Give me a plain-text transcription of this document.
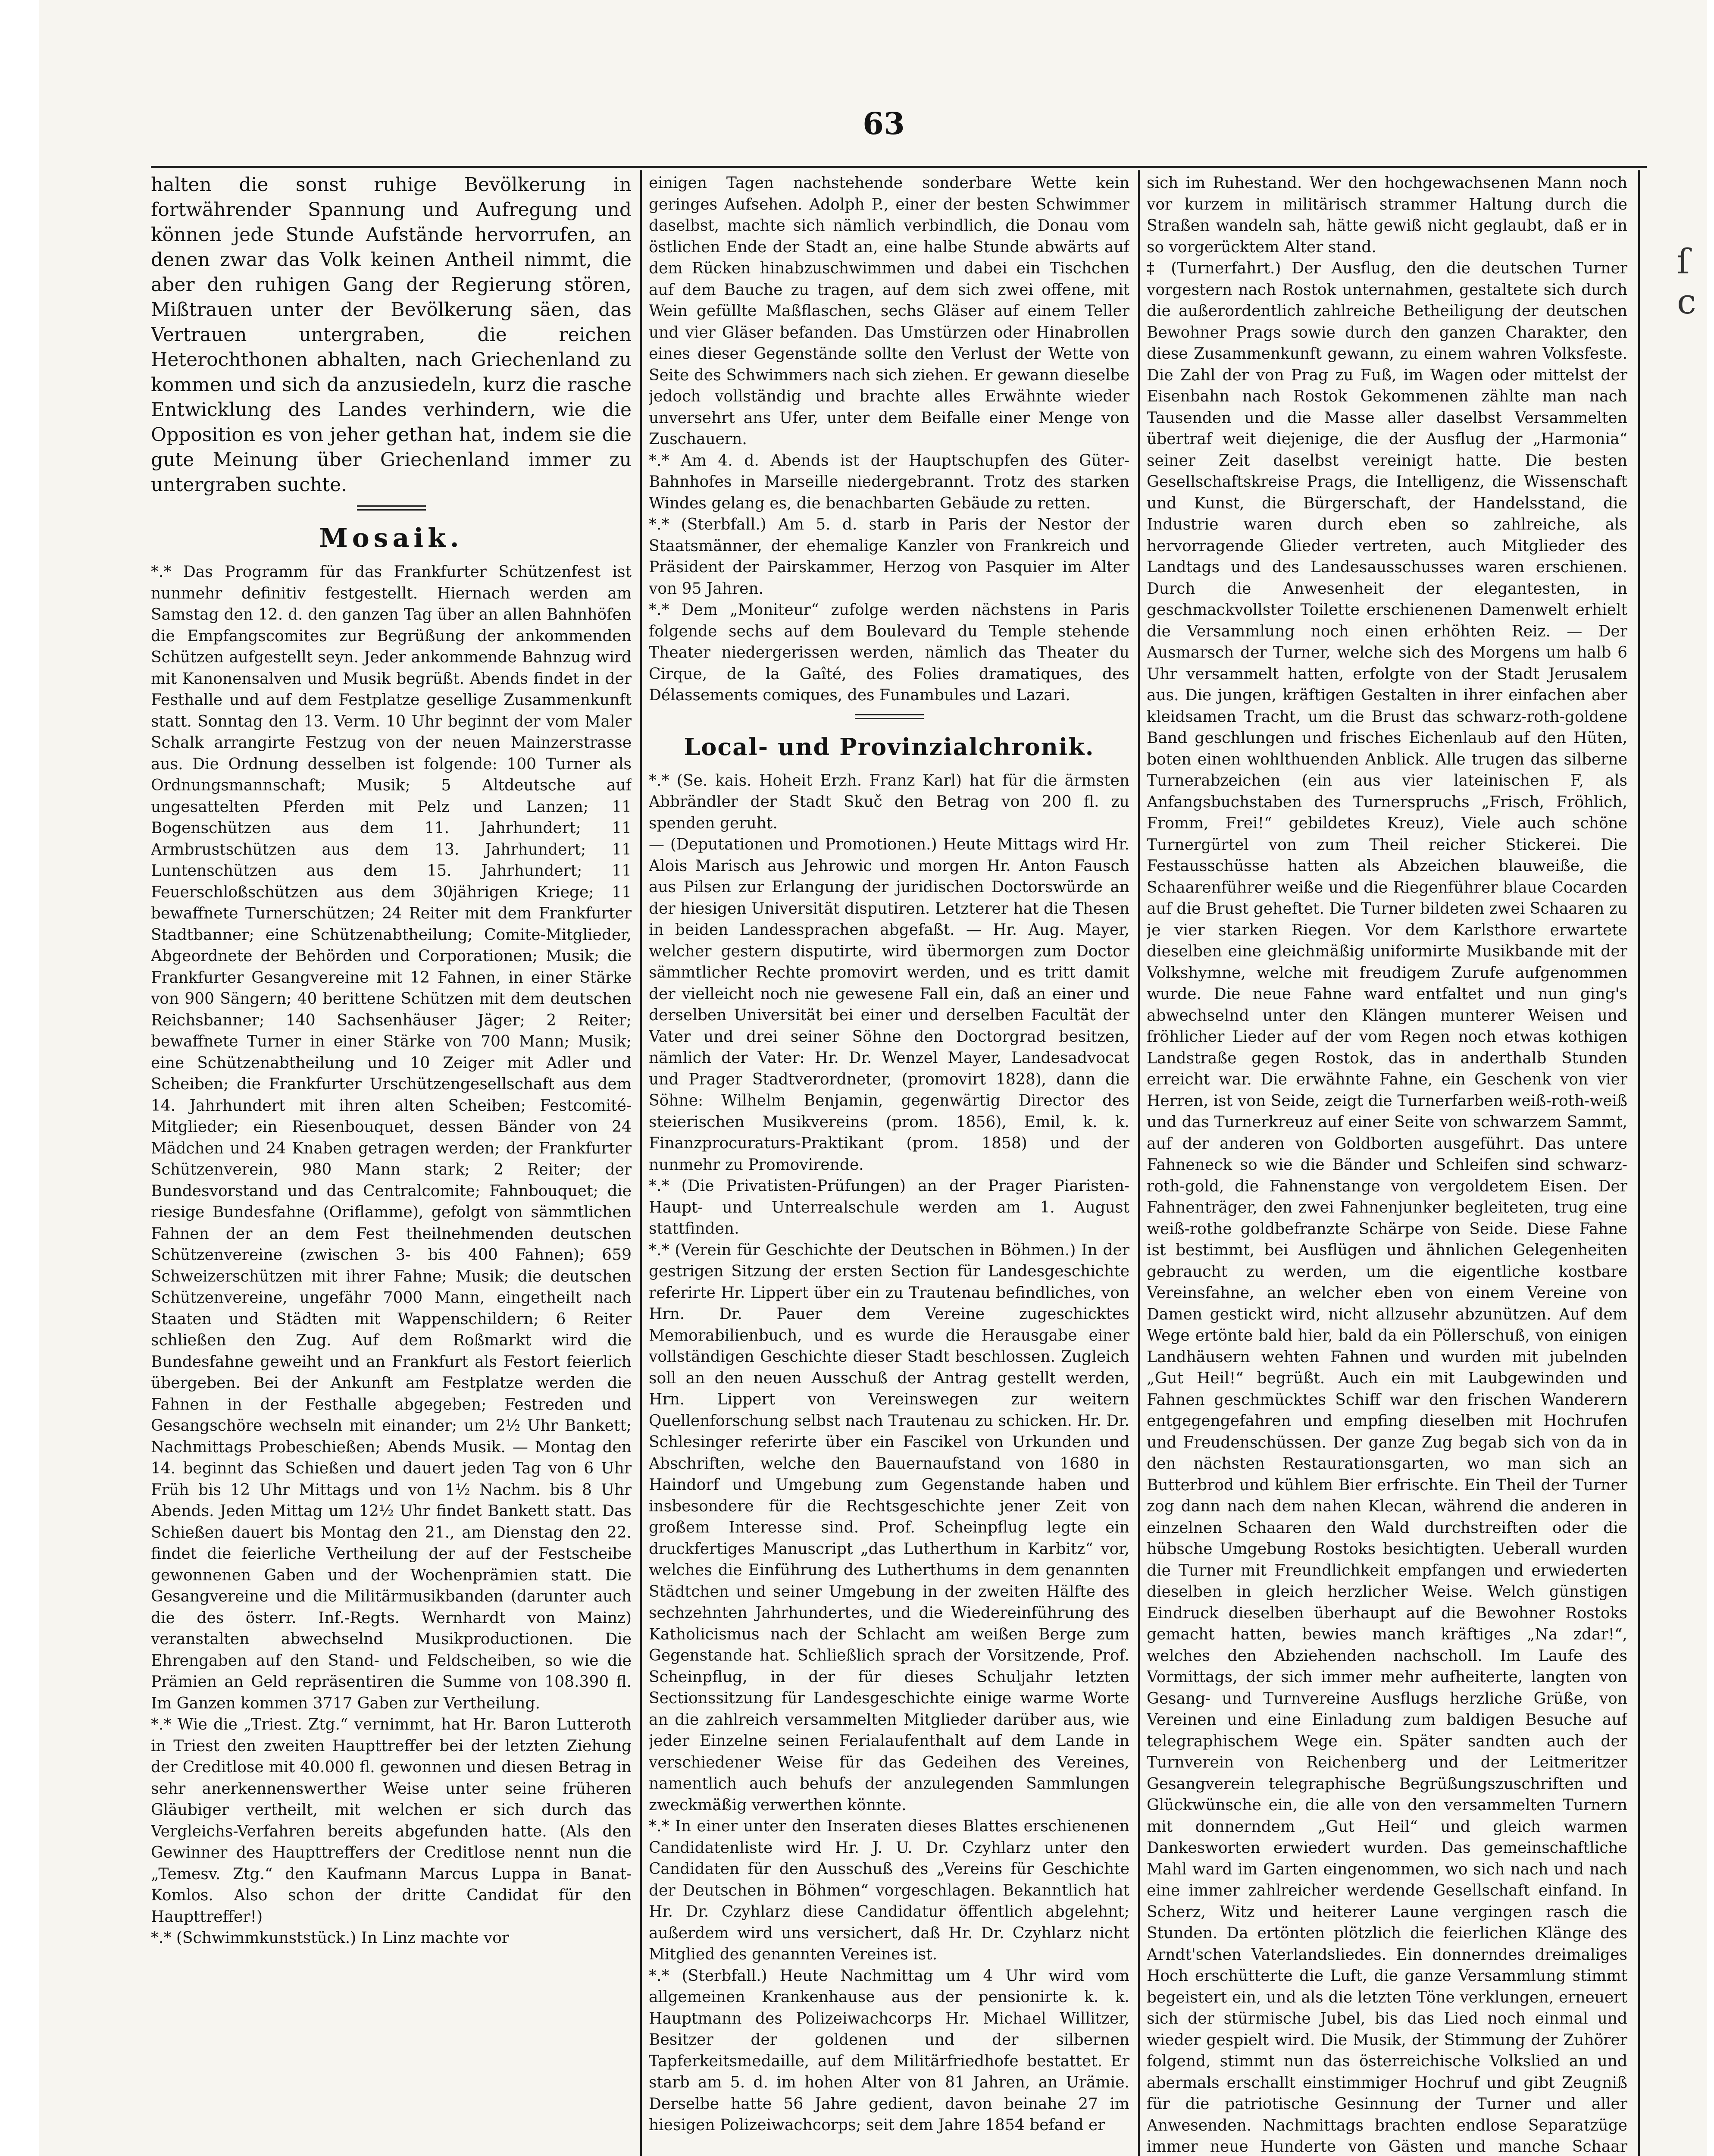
63

halten die sonst ruhige Bevölkerung in fortwährender Spannung und Aufregung und können jede Stunde Aufstände hervorrufen, an denen zwar das Volk keinen Antheil nimmt, die aber den ruhigen Gang der Regierung stören, Mißtrauen unter der Bevölkerung säen, das Vertrauen untergraben, die reichen Heterochthonen abhalten, nach Griechenland zu kommen und sich da anzusiedeln, kurz die rasche Entwicklung des Landes verhindern, wie die Opposition es von jeher gethan hat, indem sie die gute Meinung über Griechenland immer zu untergraben suchte.

Mosaik.

*.* Das Programm für das Frankfurter Schützenfest ist nunmehr definitiv festgestellt. Hiernach werden am Samstag den 12. d. den ganzen Tag über an allen Bahnhöfen die Empfangscomites zur Begrüßung der ankommenden Schützen aufgestellt seyn. Jeder ankommende Bahnzug wird mit Kanonensalven und Musik begrüßt. Abends findet in der Festhalle und auf dem Festplatze gesellige Zusammenkunft statt. Sonntag den 13. Verm. 10 Uhr beginnt der vom Maler Schalk arrangirte Festzug von der neuen Mainzerstrasse aus. Die Ordnung desselben ist folgende: 100 Turner als Ordnungsmannschaft; Musik; 5 Altdeutsche auf ungesattelten Pferden mit Pelz und Lanzen; 11 Bogenschützen aus dem 11. Jahrhundert; 11 Armbrustschützen aus dem 13. Jahrhundert; 11 Luntenschützen aus dem 15. Jahrhundert; 11 Feuerschloßschützen aus dem 30jährigen Kriege; 11 bewaffnete Turnerschützen; 24 Reiter mit dem Frankfurter Stadtbanner; eine Schützenabtheilung; Comite-Mitglieder, Abgeordnete der Behörden und Corporationen; Musik; die Frankfurter Gesangvereine mit 12 Fahnen, in einer Stärke von 900 Sängern; 40 berittene Schützen mit dem deutschen Reichsbanner; 140 Sachsenhäuser Jäger; 2 Reiter; bewaffnete Turner in einer Stärke von 700 Mann; Musik; eine Schützenabtheilung und 10 Zeiger mit Adler und Scheiben; die Frankfurter Urschützengesellschaft aus dem 14. Jahrhundert mit ihren alten Scheiben; Festcomité-Mitglieder; ein Riesenbouquet, dessen Bänder von 24 Mädchen und 24 Knaben getragen werden; der Frankfurter Schützenverein, 980 Mann stark; 2 Reiter; der Bundesvorstand und das Centralcomite; Fahnbouquet; die riesige Bundesfahne (Oriflamme), gefolgt von sämmtlichen Fahnen der an dem Fest theilnehmenden deutschen Schützenvereine (zwischen 3- bis 400 Fahnen); 659 Schweizerschützen mit ihrer Fahne; Musik; die deutschen Schützenvereine, ungefähr 7000 Mann, eingetheilt nach Staaten und Städten mit Wappenschildern; 6 Reiter schließen den Zug. Auf dem Roßmarkt wird die Bundesfahne geweiht und an Frankfurt als Festort feierlich übergeben. Bei der Ankunft am Festplatze werden die Fahnen in der Festhalle abgegeben; Festreden und Gesangschöre wechseln mit einander; um 2½ Uhr Bankett; Nachmittags Probeschießen; Abends Musik. — Montag den 14. beginnt das Schießen und dauert jeden Tag von 6 Uhr Früh bis 12 Uhr Mittags und von 1½ Nachm. bis 8 Uhr Abends. Jeden Mittag um 12½ Uhr findet Bankett statt. Das Schießen dauert bis Montag den 21., am Dienstag den 22. findet die feierliche Vertheilung der auf der Festscheibe gewonnenen Gaben und der Wochenprämien statt. Die Gesangvereine und die Militärmusikbanden (darunter auch die des österr. Inf.-Regts. Wernhardt von Mainz) veranstalten abwechselnd Musikproductionen. Die Ehrengaben auf den Stand- und Feldscheiben, so wie die Prämien an Geld repräsentiren die Summe von 108.390 fl. Im Ganzen kommen 3717 Gaben zur Vertheilung.

*.* Wie die „Triest. Ztg.“ vernimmt, hat Hr. Baron Lutteroth in Triest den zweiten Haupttreffer bei der letzten Ziehung der Creditlose mit 40.000 fl. gewonnen und diesen Betrag in sehr anerkennenswerther Weise unter seine früheren Gläubiger vertheilt, mit welchen er sich durch das Vergleichs-Verfahren bereits abgefunden hatte. (Als den Gewinner des Haupttreffers der Creditlose nennt nun die „Temesv. Ztg.“ den Kaufmann Marcus Luppa in Banat-Komlos. Also schon der dritte Candidat für den Haupttreffer!)

*.* (Schwimmkunststück.) In Linz machte vor

einigen Tagen nachstehende sonderbare Wette kein geringes Aufsehen. Adolph P., einer der besten Schwimmer daselbst, machte sich nämlich verbindlich, die Donau vom östlichen Ende der Stadt an, eine halbe Stunde abwärts auf dem Rücken hinabzuschwimmen und dabei ein Tischchen auf dem Bauche zu tragen, auf dem sich zwei offene, mit Wein gefüllte Maßflaschen, sechs Gläser auf einem Teller und vier Gläser befanden. Das Umstürzen oder Hinabrollen eines dieser Gegenstände sollte den Verlust der Wette von Seite des Schwimmers nach sich ziehen. Er gewann dieselbe jedoch vollständig und brachte alles Erwähnte wieder unversehrt ans Ufer, unter dem Beifalle einer Menge von Zuschauern.

*.* Am 4. d. Abends ist der Hauptschupfen des Güter-Bahnhofes in Marseille niedergebrannt. Trotz des starken Windes gelang es, die benachbarten Gebäude zu retten.

*.* (Sterbfall.) Am 5. d. starb in Paris der Nestor der Staatsmänner, der ehemalige Kanzler von Frankreich und Präsident der Pairskammer, Herzog von Pasquier im Alter von 95 Jahren.

*.* Dem „Moniteur“ zufolge werden nächstens in Paris folgende sechs auf dem Boulevard du Temple stehende Theater niedergerissen werden, nämlich das Theater du Cirque, de la Gaîté, des Folies dramatiques, des Délassements comiques, des Funambules und Lazari.

Local- und Provinzialchronik.

*.* (Se. kais. Hoheit Erzh. Franz Karl) hat für die ärmsten Abbrändler der Stadt Skuč den Betrag von 200 fl. zu spenden geruht.

— (Deputationen und Promotionen.) Heute Mittags wird Hr. Alois Marisch aus Jehrowic und morgen Hr. Anton Fausch aus Pilsen zur Erlangung der juridischen Doctorswürde an der hiesigen Universität disputiren. Letzterer hat die Thesen in beiden Landessprachen abgefaßt. — Hr. Aug. Mayer, welcher gestern disputirte, wird übermorgen zum Doctor sämmtlicher Rechte promovirt werden, und es tritt damit der vielleicht noch nie gewesene Fall ein, daß an einer und derselben Universität bei einer und derselben Facultät der Vater und drei seiner Söhne den Doctorgrad besitzen, nämlich der Vater: Hr. Dr. Wenzel Mayer, Landesadvocat und Prager Stadtverordneter, (promovirt 1828), dann die Söhne: Wilhelm Benjamin, gegenwärtig Director des steierischen Musikvereins (prom. 1856), Emil, k. k. Finanzprocuraturs-Praktikant (prom. 1858) und der nunmehr zu Promovirende.

*.* (Die Privatisten-Prüfungen) an der Prager Piaristen-Haupt- und Unterrealschule werden am 1. August stattfinden.

*.* (Verein für Geschichte der Deutschen in Böhmen.) In der gestrigen Sitzung der ersten Section für Landesgeschichte referirte Hr. Lippert über ein zu Trautenau befindliches, von Hrn. Dr. Pauer dem Vereine zugeschicktes Memorabilienbuch, und es wurde die Herausgabe einer vollständigen Geschichte dieser Stadt beschlossen. Zugleich soll an den neuen Ausschuß der Antrag gestellt werden, Hrn. Lippert von Vereinswegen zur weitern Quellenforschung selbst nach Trautenau zu schicken. Hr. Dr. Schlesinger referirte über ein Fascikel von Urkunden und Abschriften, welche den Bauernaufstand von 1680 in Haindorf und Umgebung zum Gegenstande haben und insbesondere für die Rechtsgeschichte jener Zeit von großem Interesse sind. Prof. Scheinpflug legte ein druckfertiges Manuscript „das Lutherthum in Karbitz“ vor, welches die Einführung des Lutherthums in dem genannten Städtchen und seiner Umgebung in der zweiten Hälfte des sechzehnten Jahrhundertes, und die Wiedereinführung des Katholicismus nach der Schlacht am weißen Berge zum Gegenstande hat. Schließlich sprach der Vorsitzende, Prof. Scheinpflug, in der für dieses Schuljahr letzten Sectionssitzung für Landesgeschichte einige warme Worte an die zahlreich versammelten Mitglieder darüber aus, wie jeder Einzelne seinen Ferialaufenthalt auf dem Lande in verschiedener Weise für das Gedeihen des Vereines, namentlich auch behufs der anzulegenden Sammlungen zweckmäßig verwerthen könnte.

*.* In einer unter den Inseraten dieses Blattes erschienenen Candidatenliste wird Hr. J. U. Dr. Czyhlarz unter den Candidaten für den Ausschuß des „Vereins für Geschichte der Deutschen in Böhmen“ vorgeschlagen. Bekanntlich hat Hr. Dr. Czyhlarz diese Candidatur öffentlich abgelehnt; außerdem wird uns versichert, daß Hr. Dr. Czyhlarz nicht Mitglied des genannten Vereines ist.

*.* (Sterbfall.) Heute Nachmittag um 4 Uhr wird vom allgemeinen Krankenhause aus der pensionirte k. k. Hauptmann des Polizeiwachcorps Hr. Michael Willitzer, Besitzer der goldenen und der silbernen Tapferkeitsmedaille, auf dem Militärfriedhofe bestattet. Er starb am 5. d. im hohen Alter von 81 Jahren, an Urämie. Derselbe hatte 56 Jahre gedient, davon beinahe 27 im hiesigen Polizeiwachcorps; seit dem Jahre 1854 befand er

sich im Ruhestand. Wer den hochgewachsenen Mann noch vor kurzem in militärisch strammer Haltung durch die Straßen wandeln sah, hätte gewiß nicht geglaubt, daß er in so vorgerücktem Alter stand.

‡ (Turnerfahrt.) Der Ausflug, den die deutschen Turner vorgestern nach Rostok unternahmen, gestaltete sich durch die außerordentlich zahlreiche Betheiligung der deutschen Bewohner Prags sowie durch den ganzen Charakter, den diese Zusammenkunft gewann, zu einem wahren Volksfeste. Die Zahl der von Prag zu Fuß, im Wagen oder mittelst der Eisenbahn nach Rostok Gekommenen zählte man nach Tausenden und die Masse aller daselbst Versammelten übertraf weit diejenige, die der Ausflug der „Harmonia“ seiner Zeit daselbst vereinigt hatte. Die besten Gesellschaftskreise Prags, die Intelligenz, die Wissenschaft und Kunst, die Bürgerschaft, der Handelsstand, die Industrie waren durch eben so zahlreiche, als hervorragende Glieder vertreten, auch Mitglieder des Landtags und des Landesausschusses waren erschienen. Durch die Anwesenheit der elegantesten, in geschmackvollster Toilette erschienenen Damenwelt erhielt die Versammlung noch einen erhöhten Reiz. — Der Ausmarsch der Turner, welche sich des Morgens um halb 6 Uhr versammelt hatten, erfolgte von der Stadt Jerusalem aus. Die jungen, kräftigen Gestalten in ihrer einfachen aber kleidsamen Tracht, um die Brust das schwarz-roth-goldene Band geschlungen und frisches Eichenlaub auf den Hüten, boten einen wohlthuenden Anblick. Alle trugen das silberne Turnerabzeichen (ein aus vier lateinischen F, als Anfangsbuchstaben des Turnerspruchs „Frisch, Fröhlich, Fromm, Frei!“ gebildetes Kreuz), Viele auch schöne Turnergürtel von zum Theil reicher Stickerei. Die Festausschüsse hatten als Abzeichen blauweiße, die Schaarenführer weiße und die Riegenführer blaue Cocarden auf die Brust geheftet. Die Turner bildeten zwei Schaaren zu je vier starken Riegen. Vor dem Karlsthore erwartete dieselben eine gleichmäßig uniformirte Musikbande mit der Volkshymne, welche mit freudigem Zurufe aufgenommen wurde. Die neue Fahne ward entfaltet und nun ging's abwechselnd unter den Klängen munterer Weisen und fröhlicher Lieder auf der vom Regen noch etwas kothigen Landstraße gegen Rostok, das in anderthalb Stunden erreicht war. Die erwähnte Fahne, ein Geschenk von vier Herren, ist von Seide, zeigt die Turnerfarben weiß-roth-weiß und das Turnerkreuz auf einer Seite von schwarzem Sammt, auf der anderen von Goldborten ausgeführt. Das untere Fahneneck so wie die Bänder und Schleifen sind schwarz-roth-gold, die Fahnenstange von vergoldetem Eisen. Der Fahnenträger, den zwei Fahnenjunker begleiteten, trug eine weiß-rothe goldbefranzte Schärpe von Seide. Diese Fahne ist bestimmt, bei Ausflügen und ähnlichen Gelegenheiten gebraucht zu werden, um die eigentliche kostbare Vereinsfahne, an welcher eben von einem Vereine von Damen gestickt wird, nicht allzusehr abzunützen. Auf dem Wege ertönte bald hier, bald da ein Pöllerschuß, von einigen Landhäusern wehten Fahnen und wurden mit jubelnden „Gut Heil!“ begrüßt. Auch ein mit Laubgewinden und Fahnen geschmücktes Schiff war den frischen Wanderern entgegengefahren und empfing dieselben mit Hochrufen und Freudenschüssen. Der ganze Zug begab sich von da in den nächsten Restaurationsgarten, wo man sich an Butterbrod und kühlem Bier erfrischte. Ein Theil der Turner zog dann nach dem nahen Klecan, während die anderen in einzelnen Schaaren den Wald durchstreiften oder die hübsche Umgebung Rostoks besichtigten. Ueberall wurden die Turner mit Freundlichkeit empfangen und erwiederten dieselben in gleich herzlicher Weise. Welch günstigen Eindruck dieselben überhaupt auf die Bewohner Rostoks gemacht hatten, bewies manch kräftiges „Na zdar!“, welches den Abziehenden nachscholl. Im Laufe des Vormittags, der sich immer mehr aufheiterte, langten von Gesang- und Turnvereine Ausflugs herzliche Grüße, von Vereinen und eine Einladung zum baldigen Besuche auf telegraphischem Wege ein. Später sandten auch der Turnverein von Reichenberg und der Leitmeritzer Gesangverein telegraphische Begrüßungszuschriften und Glückwünsche ein, die alle von den versammelten Turnern mit donnerndem „Gut Heil“ und gleich warmen Dankesworten erwiedert wurden. Das gemeinschaftliche Mahl ward im Garten eingenommen, wo sich nach und nach eine immer zahlreicher werdende Gesellschaft einfand. In Scherz, Witz und heiterer Laune vergingen rasch die Stunden. Da ertönten plötzlich die feierlichen Klänge des Arndt'schen Vaterlandsliedes. Ein donnerndes dreimaliges Hoch erschütterte die Luft, die ganze Versammlung stimmt begeistert ein, und als die letzten Töne verklungen, erneuert sich der stürmische Jubel, bis das Lied noch einmal und wieder gespielt wird. Die Musik, der Stimmung der Zuhörer folgend, stimmt nun das österreichische Volkslied an und abermals erschallt einstimmiger Hochruf und gibt Zeugniß für die patriotische Gesinnung der Turner und aller Anwesenden. Nachmittags brachten endlose Separatzüge immer neue Hunderte von Gästen und manche Schaar

ſ c
